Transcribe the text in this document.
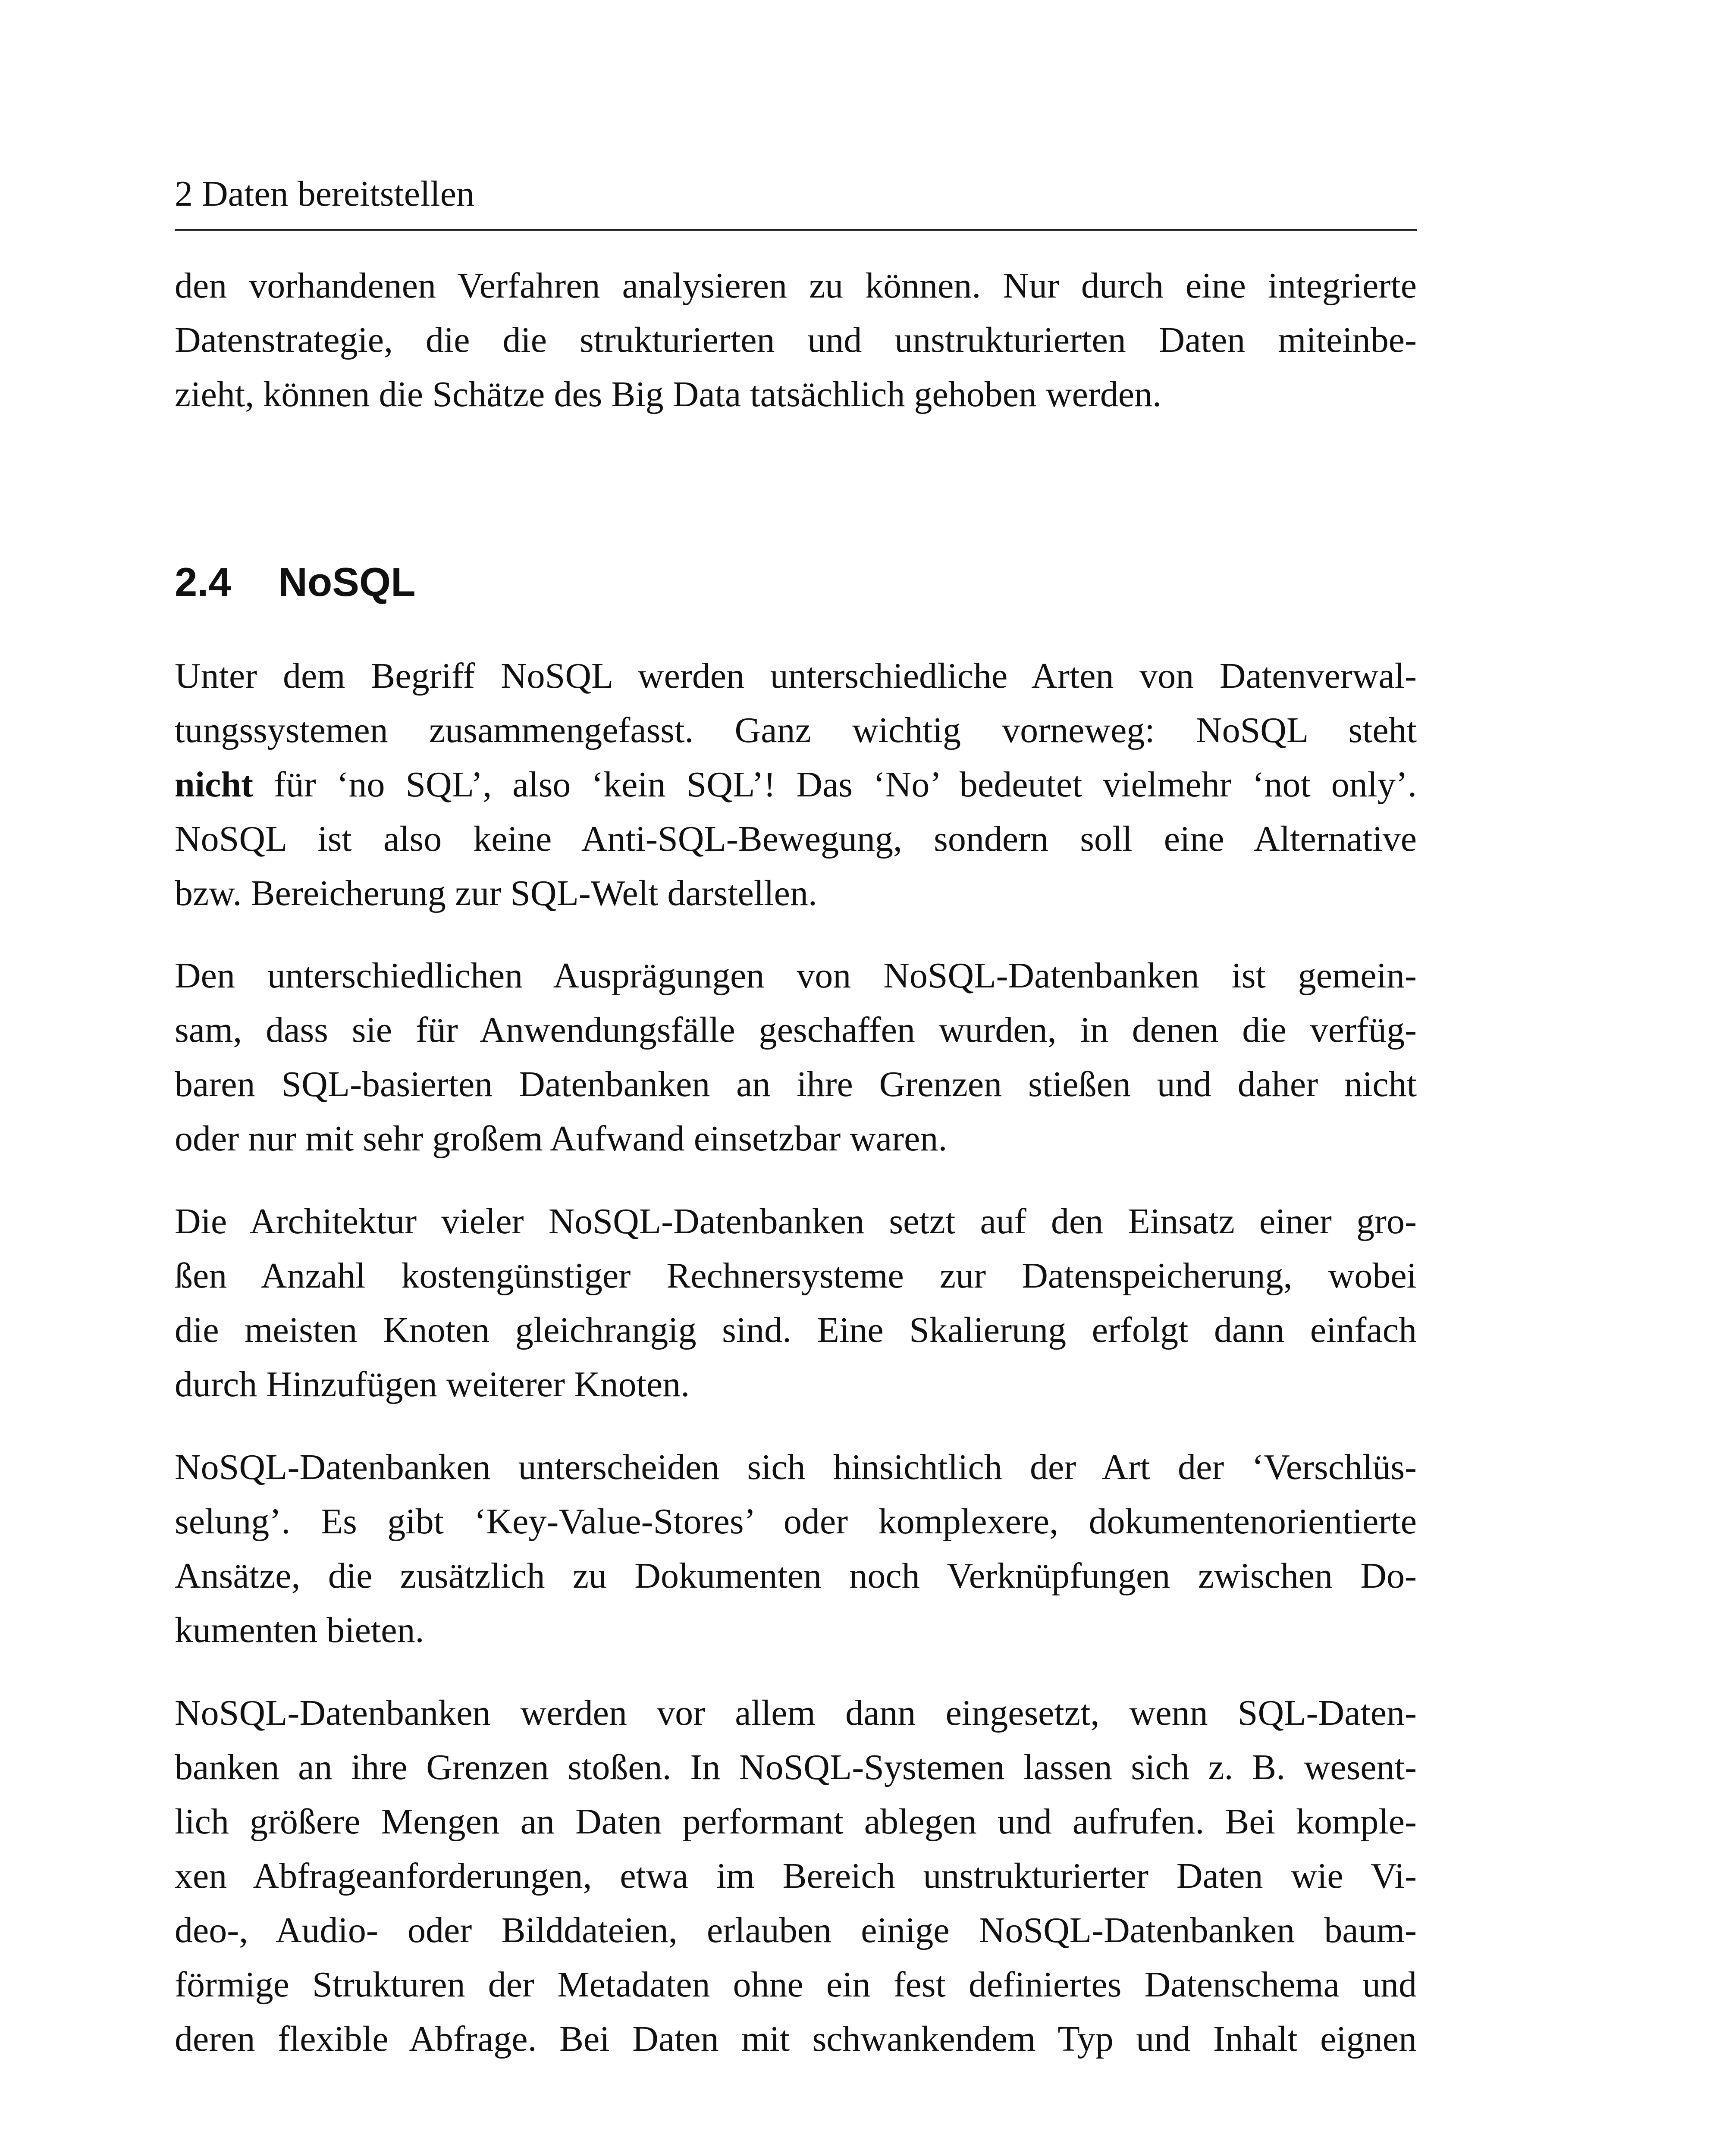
2 Daten bereitstellen
den vorhandenen Verfahren analysieren zu können. Nur durch eine integrierte
Datenstrategie, die die strukturierten und unstrukturierten Daten miteinbe-
zieht, können die Schätze des Big Data tatsächlich gehoben werden.
2.4 NoSQL
Unter dem Begriff NoSQL werden unterschiedliche Arten von Datenverwal-
tungssystemen zusammengefasst. Ganz wichtig vorneweg: NoSQL steht
nicht für ‘no SQL’, also ‘kein SQL’! Das ‘No’ bedeutet vielmehr ‘not only’.
NoSQL ist also keine Anti-SQL-Bewegung, sondern soll eine Alternative
bzw. Bereicherung zur SQL-Welt darstellen.
Den unterschiedlichen Ausprägungen von NoSQL-Datenbanken ist gemein-
sam, dass sie für Anwendungsfälle geschaffen wurden, in denen die verfüg-
baren SQL-basierten Datenbanken an ihre Grenzen stießen und daher nicht
oder nur mit sehr großem Aufwand einsetzbar waren.
Die Architektur vieler NoSQL-Datenbanken setzt auf den Einsatz einer gro-
ßen Anzahl kostengünstiger Rechnersysteme zur Datenspeicherung, wobei
die meisten Knoten gleichrangig sind. Eine Skalierung erfolgt dann einfach
durch Hinzufügen weiterer Knoten.
NoSQL-Datenbanken unterscheiden sich hinsichtlich der Art der ‘Verschlüs-
selung’. Es gibt ‘Key-Value-Stores’ oder komplexere, dokumentenorientierte
Ansätze, die zusätzlich zu Dokumenten noch Verknüpfungen zwischen Do-
kumenten bieten.
NoSQL-Datenbanken werden vor allem dann eingesetzt, wenn SQL-Daten-
banken an ihre Grenzen stoßen. In NoSQL-Systemen lassen sich z. B. wesent-
lich größere Mengen an Daten performant ablegen und aufrufen. Bei komple-
xen Abfrageanforderungen, etwa im Bereich unstrukturierter Daten wie Vi-
deo-, Audio- oder Bilddateien, erlauben einige NoSQL-Datenbanken baum-
förmige Strukturen der Metadaten ohne ein fest definiertes Datenschema und
deren flexible Abfrage. Bei Daten mit schwankendem Typ und Inhalt eignen
